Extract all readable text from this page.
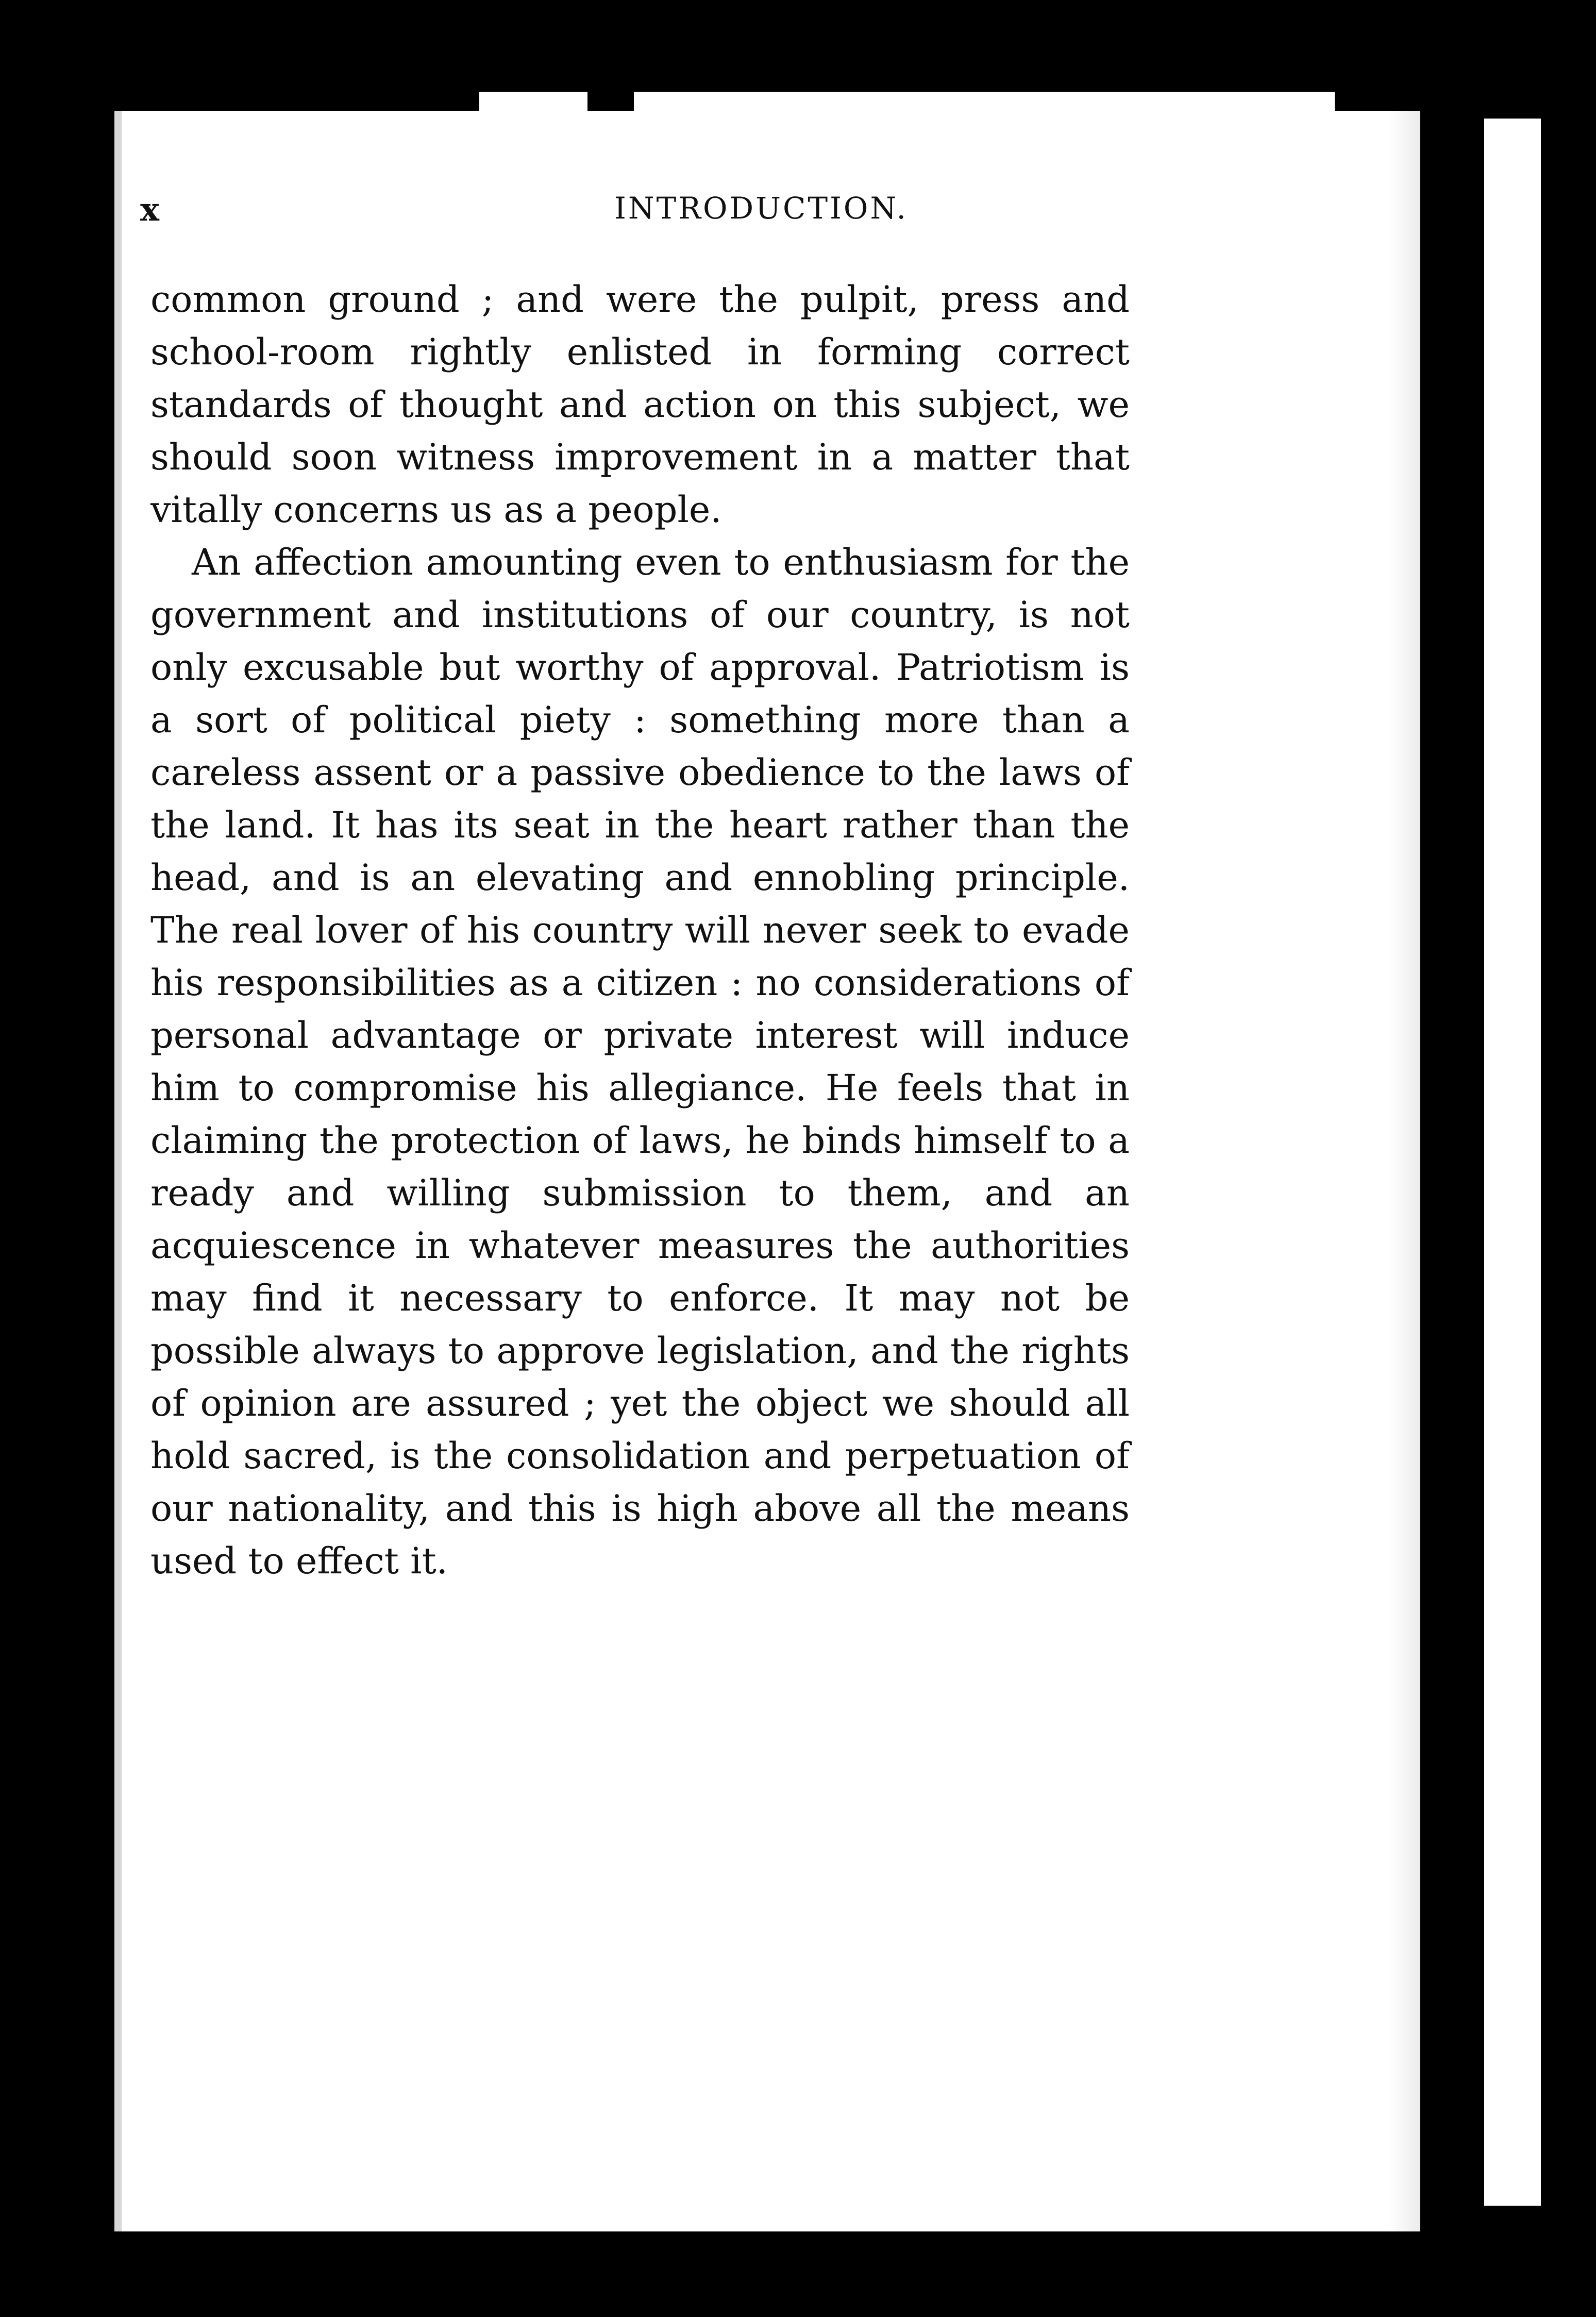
x	INTRODUCTION.

common ground ; and were the pulpit, press and school-room rightly enlisted in forming correct standards of thought and action on this subject, we should soon witness improvement in a matter that vitally concerns us as a people.

An affection amounting even to enthusiasm for the government and institutions of our country, is not only excusable but worthy of approval. Patriotism is a sort of political piety : something more than a careless assent or a passive obedience to the laws of the land. It has its seat in the heart rather than the head, and is an elevating and ennobling principle. The real lover of his country will never seek to evade his responsibilities as a citizen : no considerations of personal advantage or private interest will induce him to compromise his allegiance. He feels that in claiming the protection of laws, he binds himself to a ready and willing submission to them, and an acquiescence in whatever measures the authorities may find it necessary to enforce. It may not be possible always to approve legislation, and the rights of opinion are assured ; yet the object we should all hold sacred, is the consolidation and perpetuation of our nationality, and this is high above all the means used to effect it.
